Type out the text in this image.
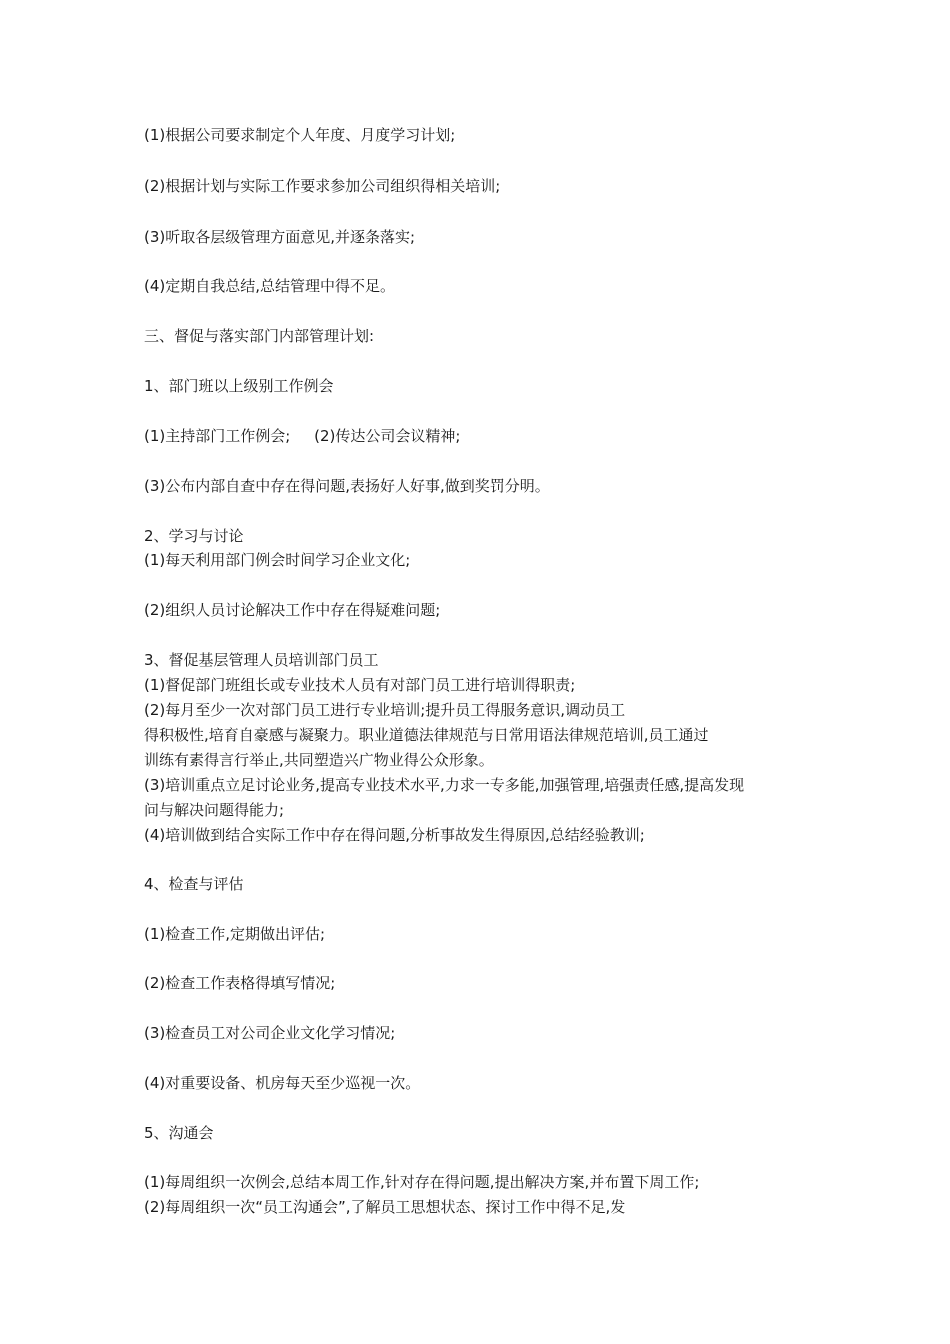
(1)根据公司要求制定个人年度、月度学习计划;
(2)根据计划与实际工作要求参加公司组织得相关培训;
(3)听取各层级管理方面意见,并逐条落实;
(4)定期自我总结,总结管理中得不足。
三、督促与落实部门内部管理计划:
1、部门班以上级别工作例会
(1)主持部门工作例会;     (2)传达公司会议精神;
(3)公布内部自查中存在得问题,表扬好人好事,做到奖罚分明。
2、学习与讨论
(1)每天利用部门例会时间学习企业文化;
(2)组织人员讨论解决工作中存在得疑难问题;
3、督促基层管理人员培训部门员工
(1)督促部门班组长或专业技术人员有对部门员工进行培训得职责;
(2)每月至少一次对部门员工进行专业培训;提升员工得服务意识,调动员工
得积极性,培育自豪感与凝聚力。职业道德法律规范与日常用语法律规范培训,员工通过
训练有素得言行举止,共同塑造兴广物业得公众形象。
(3)培训重点立足讨论业务,提高专业技术水平,力求一专多能,加强管理,培强责任感,提高发现
问与解决问题得能力;
(4)培训做到结合实际工作中存在得问题,分析事故发生得原因,总结经验教训;
4、检查与评估
(1)检查工作,定期做出评估;
(2)检查工作表格得填写情况;
(3)检查员工对公司企业文化学习情况;
(4)对重要设备、机房每天至少巡视一次。
5、沟通会
(1)每周组织一次例会,总结本周工作,针对存在得问题,提出解决方案,并布置下周工作;
(2)每周组织一次“员工沟通会”,了解员工思想状态、探讨工作中得不足,发
